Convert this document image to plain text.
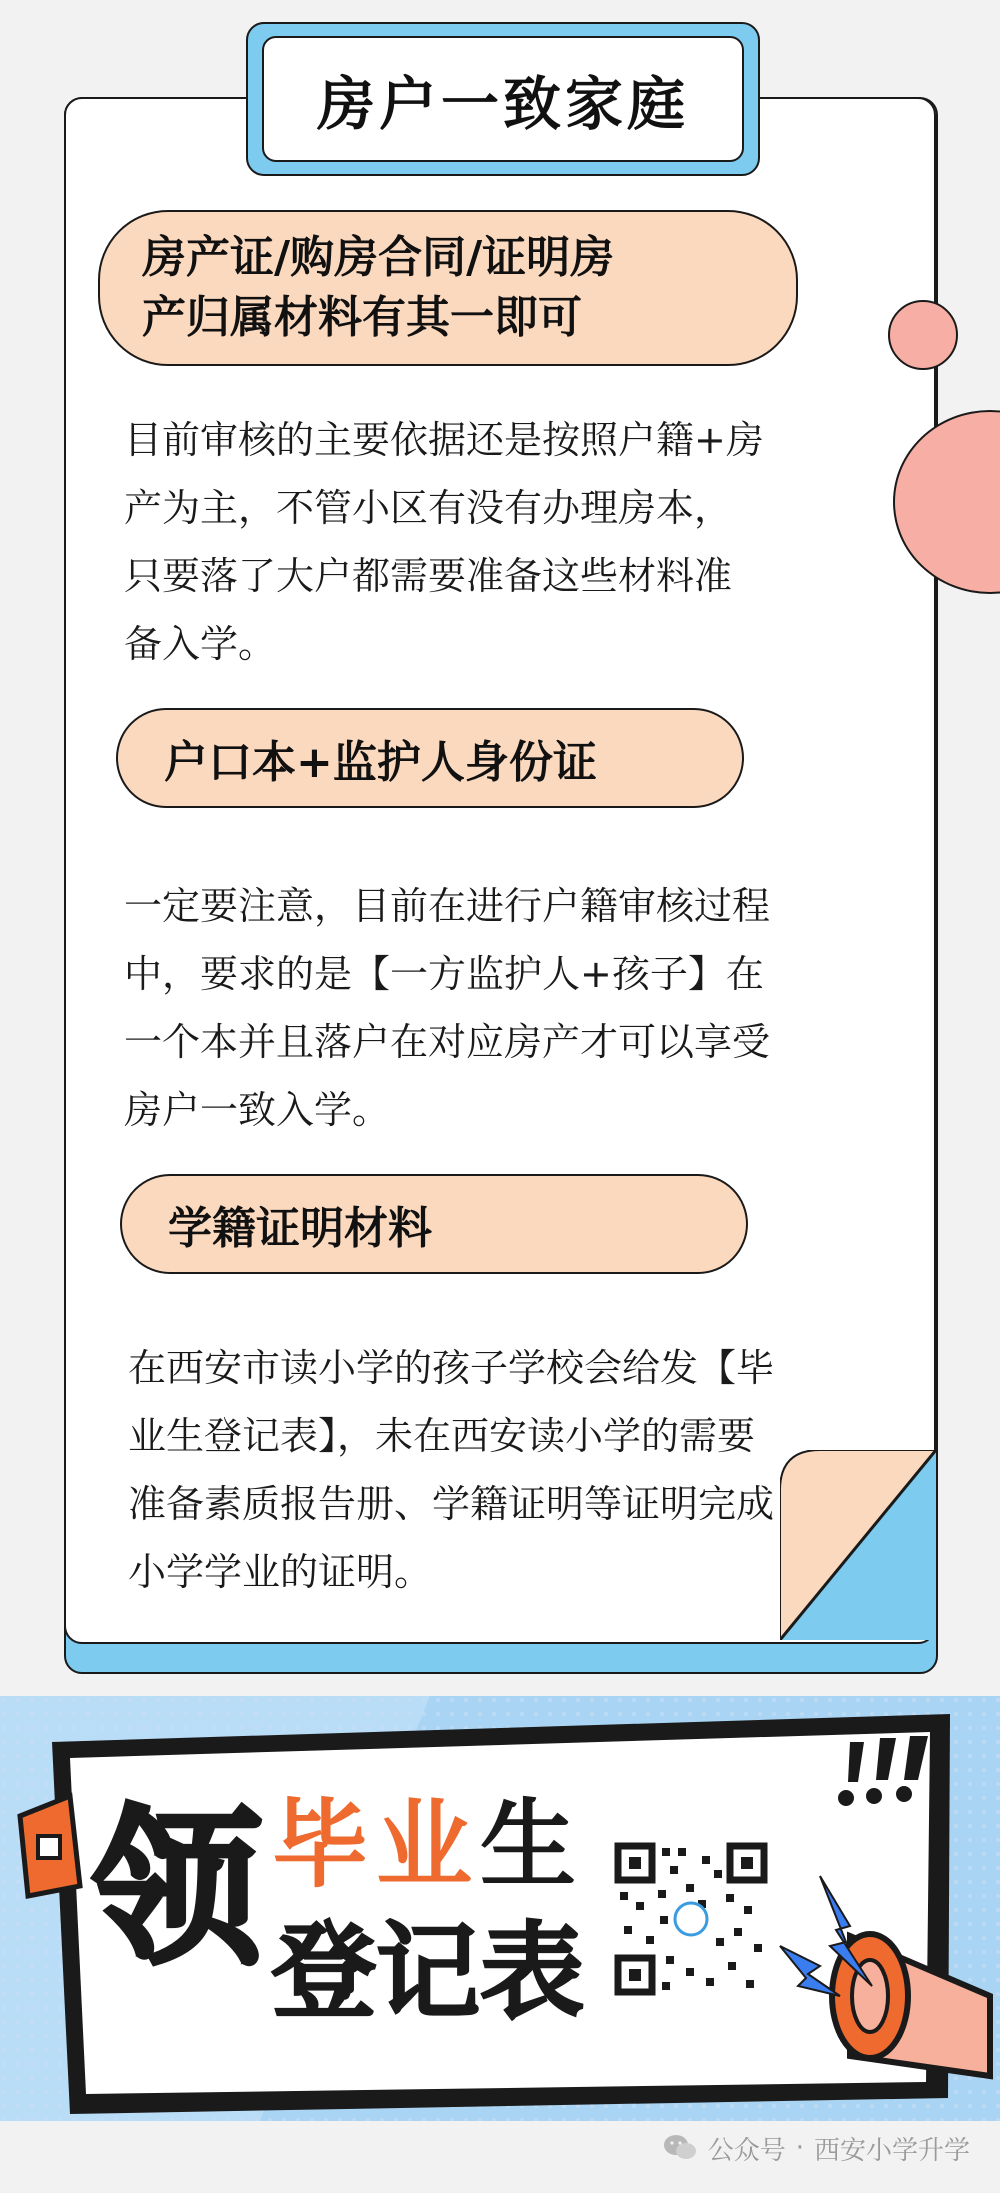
房户一致家庭
房产证/购房合同/证明房
产归属材料有其一即可
目前审核的主要依据还是按照户籍+房
产为主，不管小区有没有办理房本，
只要落了大户都需要准备这些材料准
备入学。
户口本+监护人身份证
一定要注意，目前在进行户籍审核过程
中，要求的是【一方监护人+孩子】在
一个本并且落户在对应房产才可以享受
房户一致入学。
学籍证明材料
在西安市读小学的孩子学校会给发【毕
业生登记表】，未在西安读小学的需要
准备素质报告册、学籍证明等证明完成
小学学业的证明。
领 毕 业 生
登记表
公众号 · 西安小学升学
